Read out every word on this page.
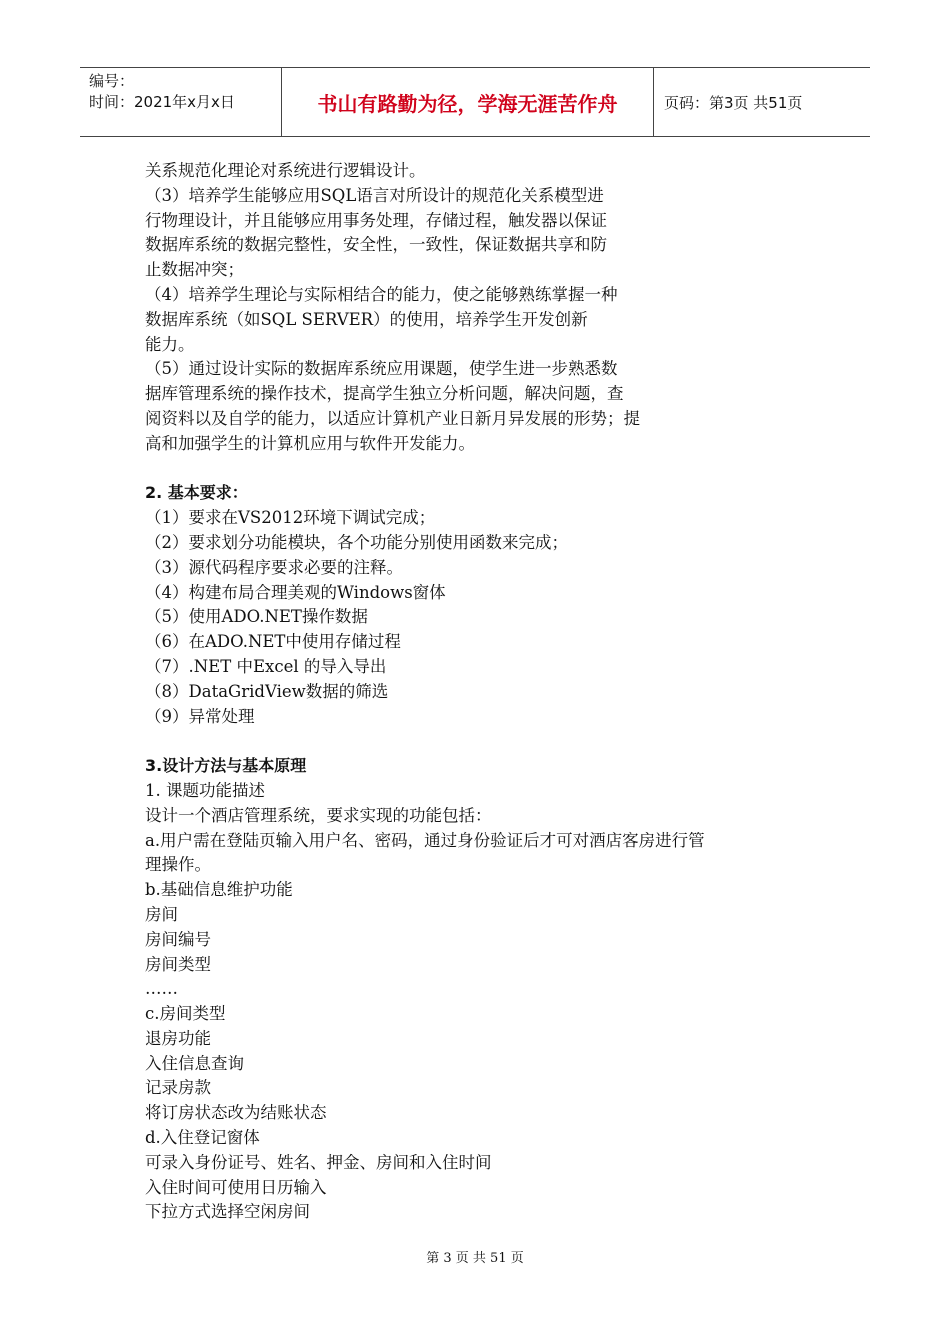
编号：
时间：2021年x月x日	书山有路勤为径，学海无涯苦作舟	页码：第3页 共51页
关系规范化理论对系统进行逻辑设计。
（3）培养学生能够应用SQL语言对所设计的规范化关系模型进
行物理设计，并且能够应用事务处理，存储过程，触发器以保证
数据库系统的数据完整性，安全性，一致性，保证数据共享和防
止数据冲突；
（4）培养学生理论与实际相结合的能力，使之能够熟练掌握一种
数据库系统（如SQL SERVER）的使用，培养学生开发创新
能力。
（5）通过设计实际的数据库系统应用课题，使学生进一步熟悉数
据库管理系统的操作技术，提高学生独立分析问题，解决问题，查
阅资料以及自学的能力，以适应计算机产业日新月异发展的形势；提
高和加强学生的计算机应用与软件开发能力。
2. 基本要求：
（1）要求在VS2012环境下调试完成；
（2）要求划分功能模块，各个功能分别使用函数来完成；
（3）源代码程序要求必要的注释。
（4）构建布局合理美观的Windows窗体
（5）使用ADO.NET操作数据
（6）在ADO.NET中使用存储过程
（7）.NET 中Excel 的导入导出
（8）DataGridView数据的筛选
（9）异常处理
3.设计方法与基本原理
1. 课题功能描述
设计一个酒店管理系统，要求实现的功能包括：
a.用户需在登陆页输入用户名、密码，通过身份验证后才可对酒店客房进行管
理操作。
b.基础信息维护功能
房间
房间编号
房间类型
……
c.房间类型
退房功能
入住信息查询
记录房款
将订房状态改为结账状态
d.入住登记窗体
可录入身份证号、姓名、押金、房间和入住时间
入住时间可使用日历输入
下拉方式选择空闲房间
第 3 页 共 51 页
